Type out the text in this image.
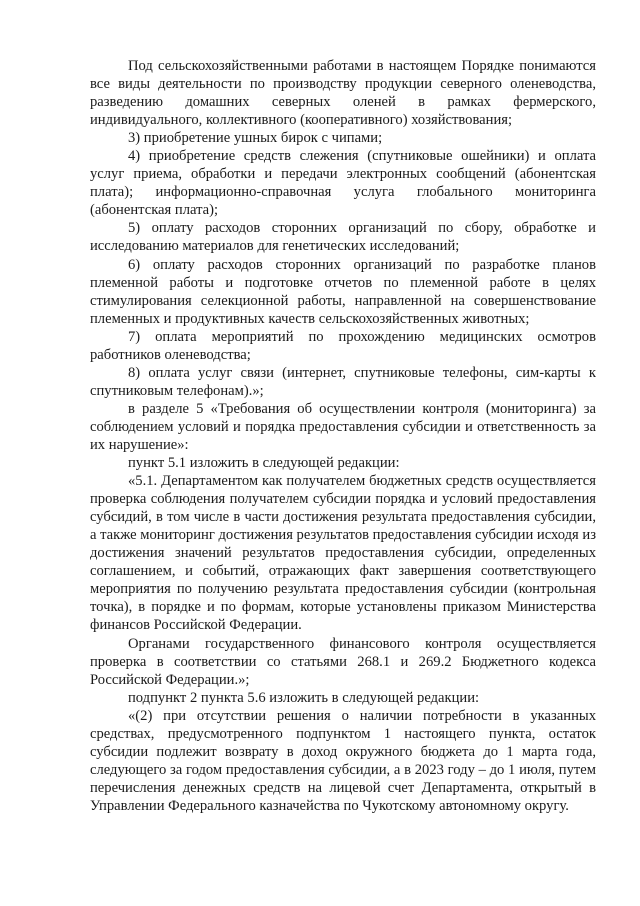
Под сельскохозяйственными работами в настоящем Порядке понимаются все виды деятельности по производству продукции северного оленеводства, разведению домашних северных оленей в рамках фермерского, индивидуального, коллективного (кооперативного) хозяйствования;

3) приобретение ушных бирок с чипами;

4) приобретение средств слежения (спутниковые ошейники) и оплата услуг приема, обработки и передачи электронных сообщений (абонентская плата); информационно-справочная услуга глобального мониторинга (абонентская плата);

5) оплату расходов сторонних организаций по сбору, обработке и исследованию материалов для генетических исследований;

6) оплату расходов сторонних организаций по разработке планов племенной работы и подготовке отчетов по племенной работе в целях стимулирования селекционной работы, направленной на совершенствование племенных и продуктивных качеств сельскохозяйственных животных;

7) оплата мероприятий по прохождению медицинских осмотров работников оленеводства;

8) оплата услуг связи (интернет, спутниковые телефоны, сим-карты к спутниковым телефонам).»;

в разделе 5 «Требования об осуществлении контроля (мониторинга) за соблюдением условий и порядка предоставления субсидии и ответственность за их нарушение»:

пункт 5.1 изложить в следующей редакции:

«5.1. Департаментом как получателем бюджетных средств осуществляется проверка соблюдения получателем субсидии порядка и условий предоставления субсидий, в том числе в части достижения результата предоставления субсидии, а также мониторинг достижения результатов предоставления субсидии исходя из достижения значений результатов предоставления субсидии, определенных соглашением, и событий, отражающих факт завершения соответствующего мероприятия по получению результата предоставления субсидии (контрольная точка), в порядке и по формам, которые установлены приказом Министерства финансов Российской Федерации.

Органами государственного финансового контроля осуществляется проверка в соответствии со статьями 268.1 и 269.2 Бюджетного кодекса Российской Федерации.»;

подпункт 2 пункта 5.6 изложить в следующей редакции:

«(2) при отсутствии решения о наличии потребности в указанных средствах, предусмотренного подпунктом 1 настоящего пункта, остаток субсидии подлежит возврату в доход окружного бюджета до 1 марта года, следующего за годом предоставления субсидии, а в 2023 году – до 1 июля, путем перечисления денежных средств на лицевой счет Департамента, открытый в Управлении Федерального казначейства по Чукотскому автономному округу.
